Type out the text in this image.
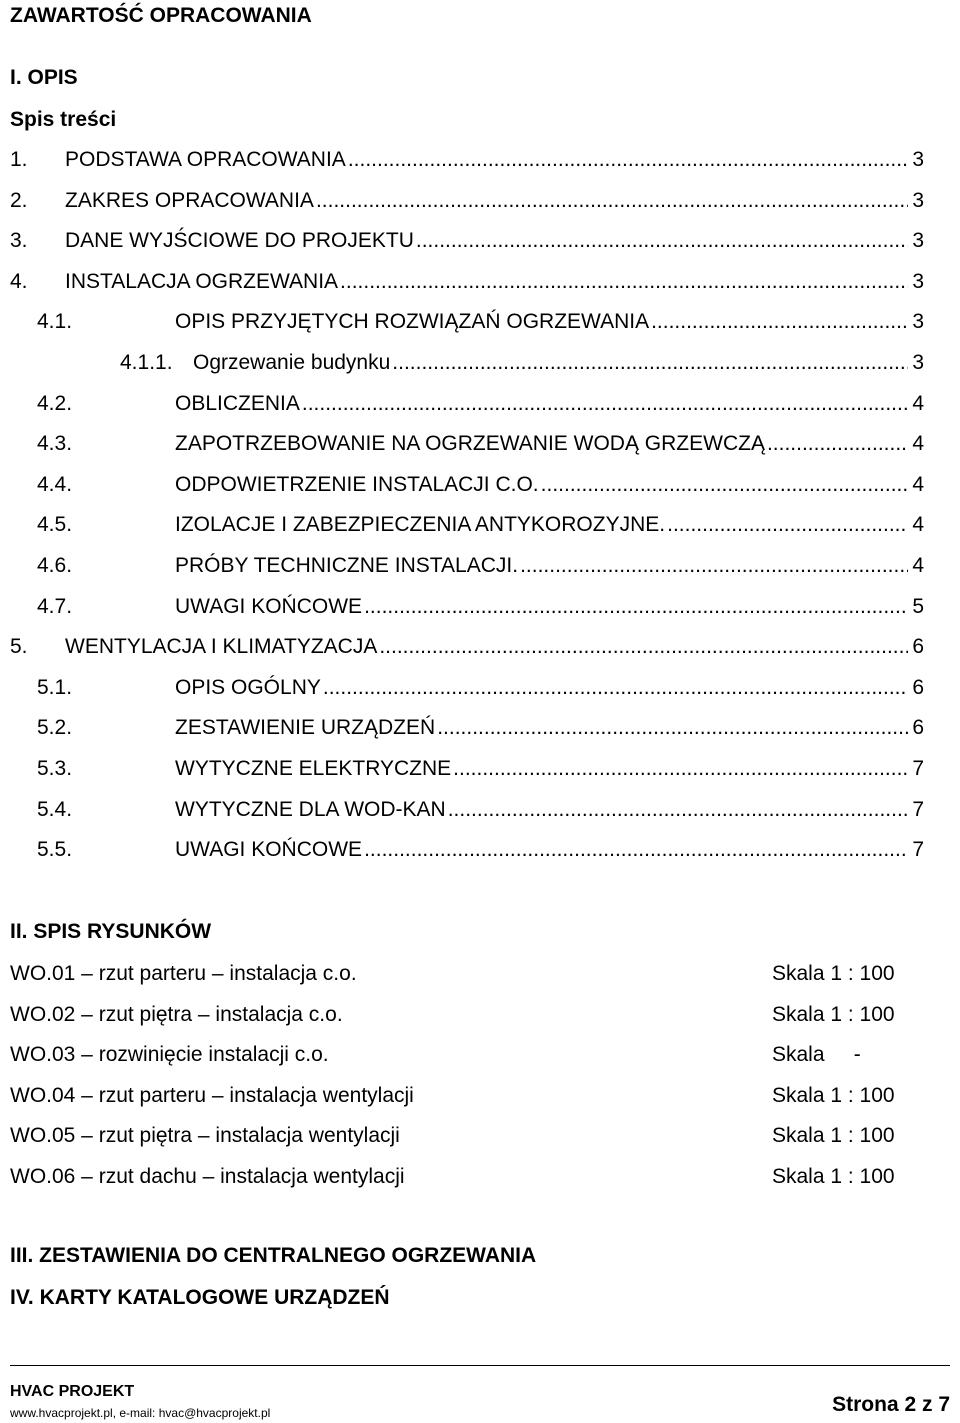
ZAWARTOŚĆ OPRACOWANIA
I. OPIS
Spis treści
1. PODSTAWA OPRACOWANIA .....	3
2. ZAKRES OPRACOWANIA .....	3
3. DANE WYJŚCIOWE DO PROJEKTU .....	3
4. INSTALACJA OGRZEWANIA .....	3
4.1.	OPIS PRZYJĘTYCH ROZWIĄZAŃ OGRZEWANIA .....	3
4.1.1. Ogrzewanie budynku .....	3
4.2.	OBLICZENIA .....	4
4.3.	ZAPOTRZEBOWANIE NA OGRZEWANIE WODĄ GRZEWCZĄ .....	4
4.4.	ODPOWIETRZENIE INSTALACJI C.O. .....	4
4.5.	IZOLACJE I ZABEZPIECZENIA ANTYKOROZYJNE. .....	4
4.6.	PRÓBY TECHNICZNE INSTALACJI. .....	4
4.7.	UWAGI KOŃCOWE .....	5
5. WENTYLACJA I KLIMATYZACJA .....	6
5.1.	OPIS OGÓLNY .....	6
5.2.	ZESTAWIENIE URZĄDZEŃ .....	6
5.3.	WYTYCZNE ELEKTRYCZNE .....	7
5.4.	WYTYCZNE DLA WOD-KAN .....	7
5.5.	UWAGI KOŃCOWE .....	7
II. SPIS RYSUNKÓW
WO.01 – rzut parteru – instalacja c.o.	Skala 1 : 100
WO.02 – rzut piętra – instalacja c.o.	Skala 1 : 100
WO.03 – rozwinięcie instalacji c.o.	Skala     -
WO.04 – rzut parteru – instalacja wentylacji	Skala 1 : 100
WO.05 – rzut piętra – instalacja wentylacji	Skala 1 : 100
WO.06 – rzut dachu – instalacja wentylacji	Skala 1 : 100
III. ZESTAWIENIA DO CENTRALNEGO OGRZEWANIA
IV. KARTY KATALOGOWE URZĄDZEŃ
HVAC PROJEKT
www.hvacprojekt.pl, e-mail: hvac@hvacprojekt.pl	Strona 2 z 7
